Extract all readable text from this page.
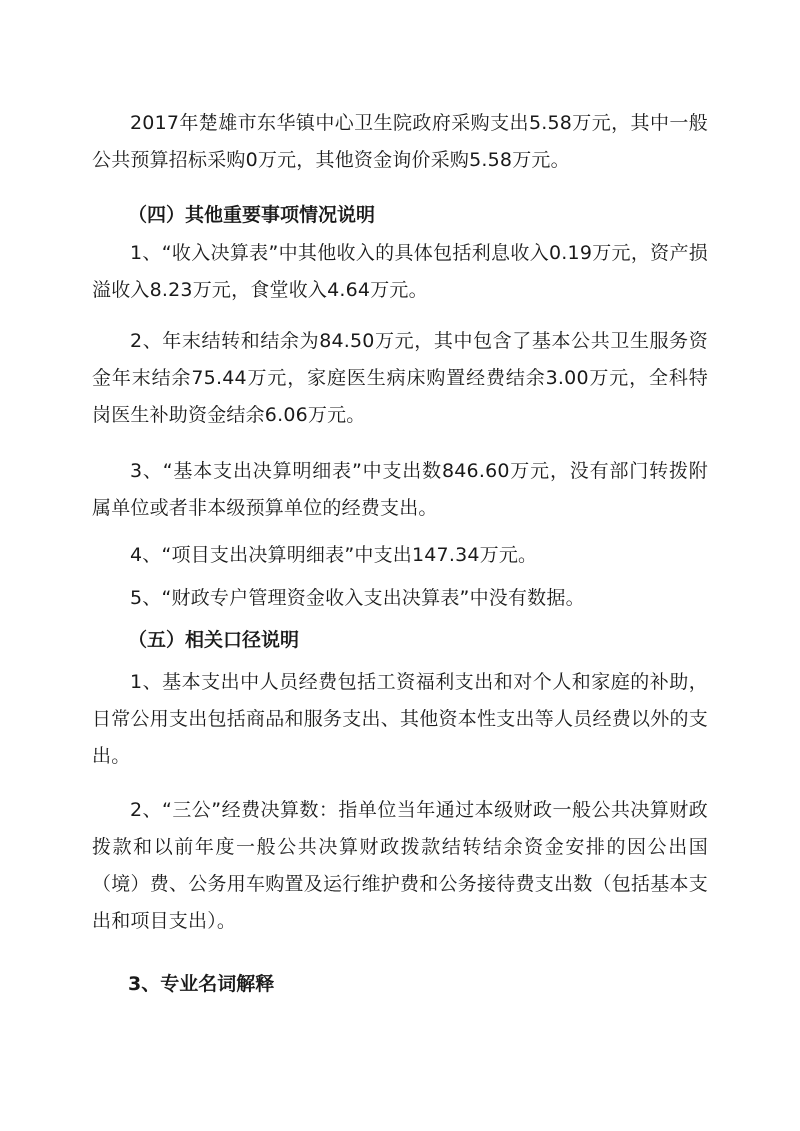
2017年楚雄市东华镇中心卫生院政府采购支出5.58万元，其中一般公共预算招标采购0万元，其他资金询价采购5.58万元。

（四）其他重要事项情况说明

1、“收入决算表”中其他收入的具体包括利息收入0.19万元，资产损溢收入8.23万元，食堂收入4.64万元。

2、年末结转和结余为84.50万元，其中包含了基本公共卫生服务资金年末结余75.44万元，家庭医生病床购置经费结余3.00万元，全科特岗医生补助资金结余6.06万元。

3、“基本支出决算明细表”中支出数846.60万元，没有部门转拨附属单位或者非本级预算单位的经费支出。

4、“项目支出决算明细表”中支出147.34万元。

5、“财政专户管理资金收入支出决算表”中没有数据。

（五）相关口径说明

1、基本支出中人员经费包括工资福利支出和对个人和家庭的补助，日常公用支出包括商品和服务支出、其他资本性支出等人员经费以外的支出。

2、“三公”经费决算数：指单位当年通过本级财政一般公共决算财政拨款和以前年度一般公共决算财政拨款结转结余资金安排的因公出国（境）费、公务用车购置及运行维护费和公务接待费支出数（包括基本支出和项目支出）。

3、专业名词解释
